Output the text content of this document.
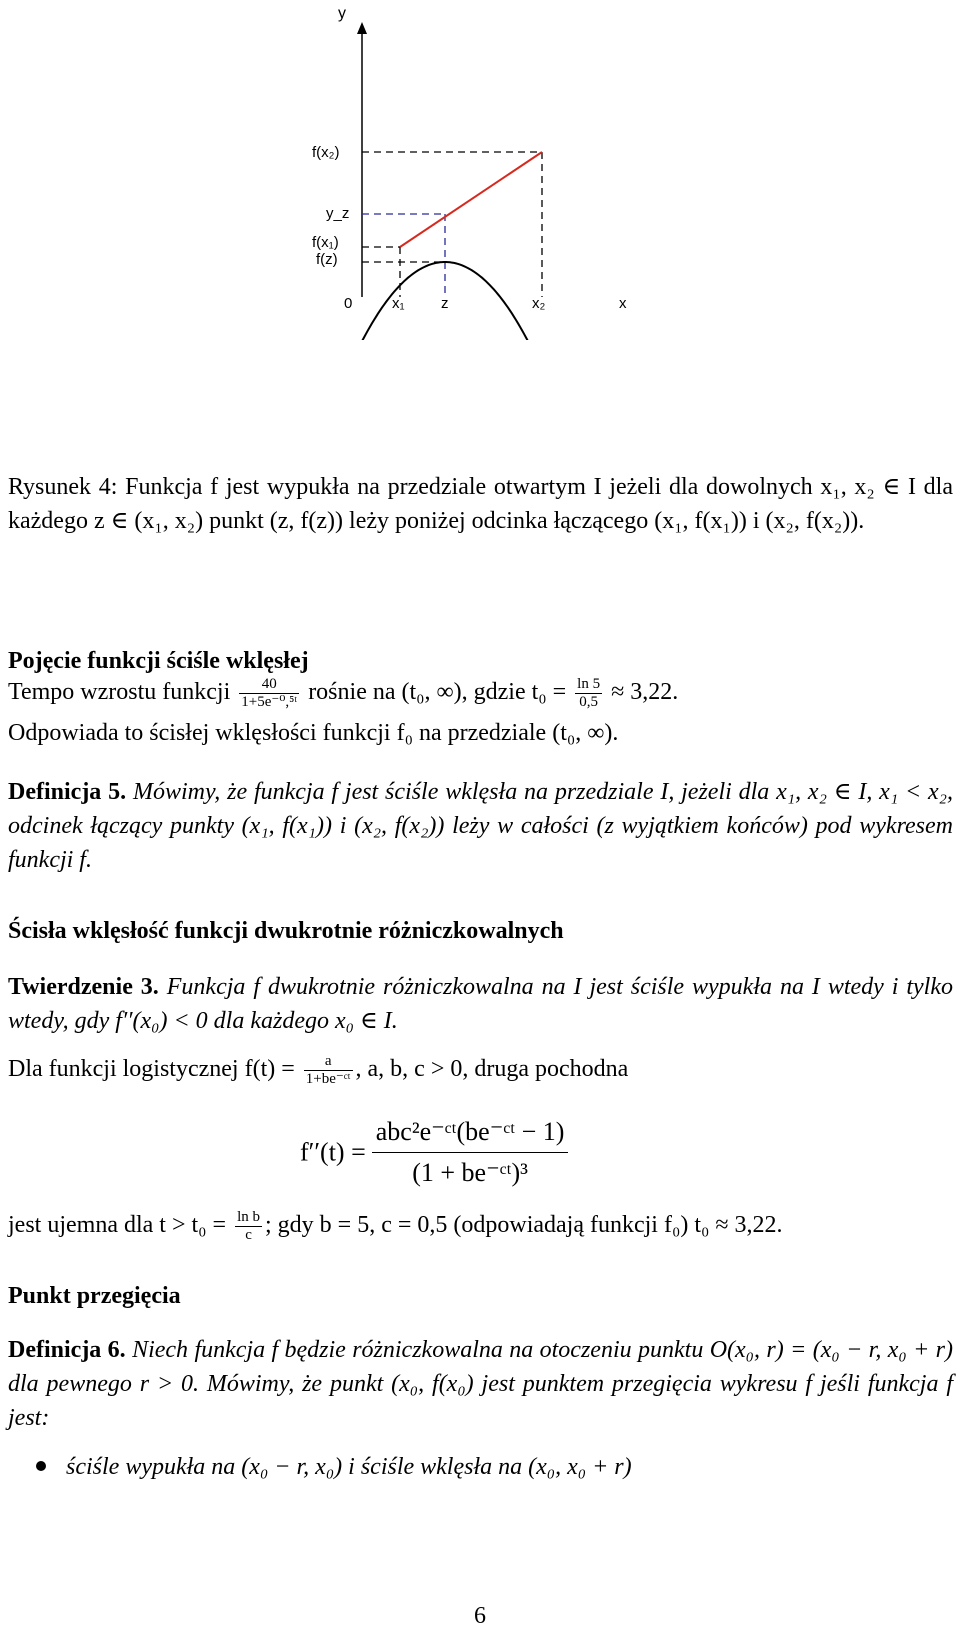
y
f(x₂)
y_z
f(x₁)
f(z)
0	x₁ z	x₂	x
Rysunek 4: Funkcja f jest wypukła na przedziale otwartym I jeżeli dla dowolnych x₁, x₂ ∈ I dla każdego z ∈ (x₁, x₂) punkt (z, f(z)) leży poniżej odcinka łączącego (x₁, f(x₁)) i (x₂, f(x₂)).
Pojęcie funkcji ściśle wklęsłej
Tempo wzrostu funkcji $\frac{40}{\text{1+5e⁻⁰,⁵ᵗ}}$ rośnie na (t₀, ∞), gdzie $t_0 = \frac{\ln 5}{0,5} \approx 3,22$.
Odpowiada to ścisłej wklęsłości funkcji f₀ na przedziale (t₀, ∞).
Definicja 5. Mówimy, że funkcja f jest ściśle wklęsła na przedziale I, jeżeli dla x₁, x₂ ∈ I, x₁ < x₂, odcinek łączący punkty (x₁, f(x₁)) i (x₂, f(x₂)) leży w całości (z wyjątkiem końców) pod wykresem funkcji f.
Ścisła wklęsłość funkcji dwukrotnie różniczkowalnych
Twierdzenie 3. Funkcja f dwukrotnie różniczkowalna na I jest ściśle wypukła na I wtedy i tylko wtedy, gdy f′′(x₀) < 0 dla każdego x₀ ∈ I.
Dla funkcji logistycznej $f(t) = \frac{a}{\text{1+be⁻ᶜᵗ}}$ , a, b, c > 0, druga pochodna
$f''(t) = \frac{\text{abc²e⁻ᶜᵗ(be⁻ᶜᵗ − 1)}}{\text{(1 + be⁻ᶜᵗ)³}}$
jest ujemna dla $t > t_0 = \frac{\text{ln b}}{c}$ ; gdy b = 5, c = 0,5 (odpowiadają funkcji f₀) t₀ ≈ 3,22.
Punkt przegięcia
Definicja 6. Niech funkcja f będzie różniczkowalna na otoczeniu punktu O(x₀, r) = (x₀ − r, x₀ + r) dla pewnego r > 0. Mówimy, że punkt (x₀, f(x₀) jest punktem przegięcia wykresu f jeśli funkcja f jest:
ściśle wypukła na (x₀ − r, x₀) i ściśle wklęsła na (x₀, x₀ + r)
6
